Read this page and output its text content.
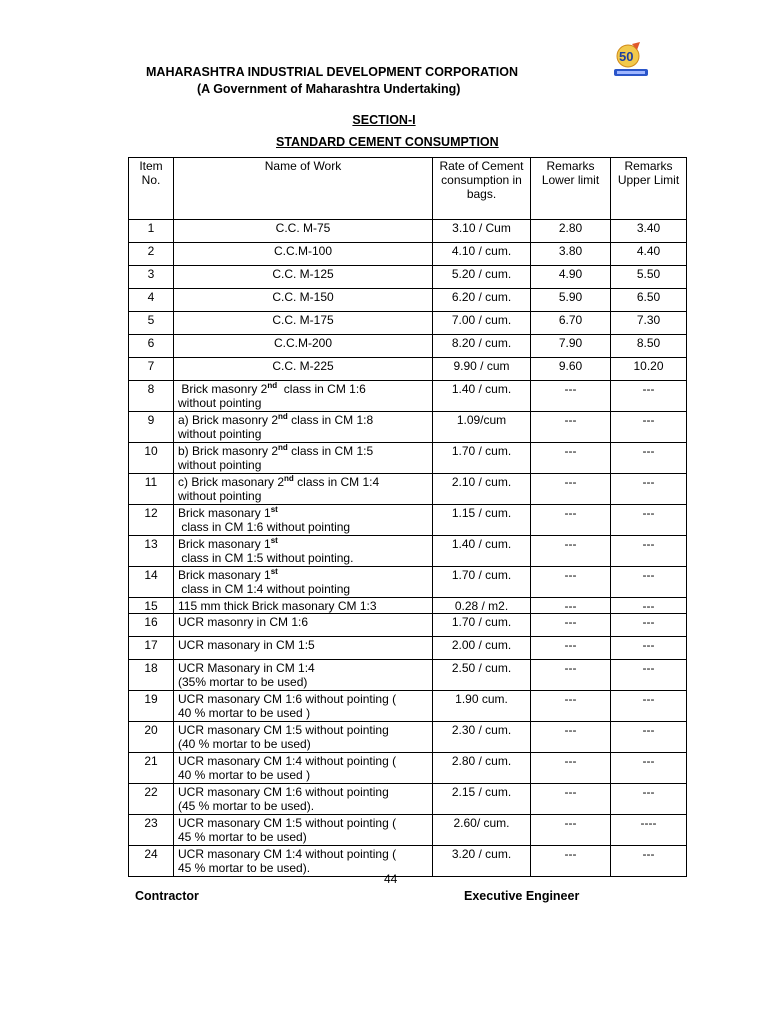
MAHARASHTRA INDUSTRIAL DEVELOPMENT CORPORATION
(A Government of Maharashtra Undertaking)
50
SECTION-I
STANDARD CEMENT CONSUMPTION
Item No.	Name of Work	Rate of Cement consumption in bags.	Remarks Lower limit	Remarks Upper Limit
1	C.C. M-75	3.10 / Cum	2.80	3.40
2	C.C.M-100	4.10 / cum.	3.80	4.40
3	C.C. M-125	5.20 / cum.	4.90	5.50
4	C.C. M-150	6.20 / cum.	5.90	6.50
5	C.C. M-175	7.00 / cum.	6.70	7.30
6	C.C.M-200	8.20 / cum.	7.90	8.50
7	C.C. M-225	9.90 / cum	9.60	10.20
8	Brick masonry 2nd  class in CM 1:6
without pointing	1.40 / cum.	---	---
9	a) Brick masonry 2nd class in CM 1:8
without pointing	1.09/cum	---	---
10	b) Brick masonry 2nd class in CM 1:5
without pointing	1.70 / cum.	---	---
11	c) Brick masonary 2nd class in CM 1:4
without pointing	2.10 / cum.	---	---
12	Brick masonary 1st
class in CM 1:6 without pointing	1.15 / cum.	---	---
13	Brick masonary 1st
class in CM 1:5 without pointing.	1.40 / cum.	---	---
14	Brick masonary 1st
class in CM 1:4 without pointing	1.70 / cum.	---	---
15	115 mm thick Brick masonary CM 1:3	0.28 / m2.	---	---
16	UCR masonry in CM 1:6	1.70 / cum.	---	---
17	UCR masonary in CM 1:5	2.00 / cum.	---	---
18	UCR Masonary in CM 1:4
(35% mortar to be used)	2.50 / cum.	---	---
19	UCR masonary CM 1:6 without pointing (
40 % mortar to be used )	1.90 cum.	---	---
20	UCR masonary CM 1:5 without pointing
(40 % mortar to be used)	2.30 / cum.	---	---
21	UCR masonary CM 1:4 without pointing (
40 % mortar to be used )	2.80 / cum.	---	---
22	UCR masonary CM 1:6 without pointing
(45 % mortar to be used).	2.15 / cum.	---	---
23	UCR masonary CM 1:5 without pointing (
45 % mortar to be used)	2.60/ cum.	---	----
24	UCR masonary CM 1:4 without pointing (
45 % mortar to be used).	3.20 / cum.	---	---
44
Contractor	Executive Engineer
